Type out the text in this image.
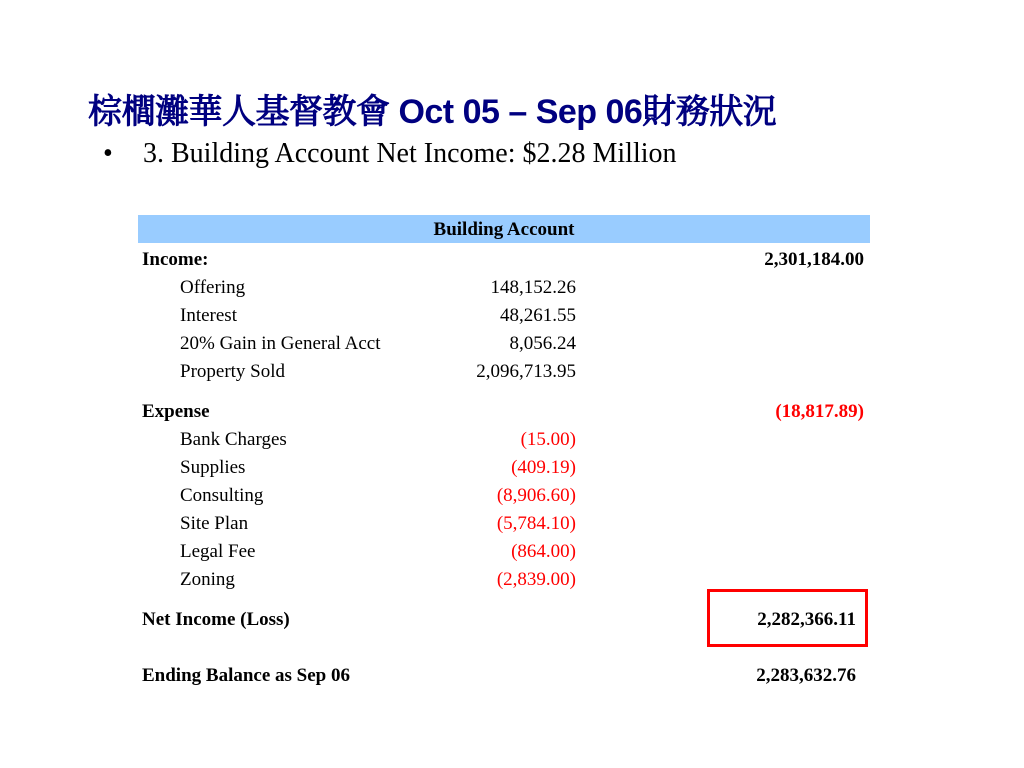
棕櫚灘華人基督教會 Oct 05 – Sep 06財務狀況
• 3. Building Account Net Income: $2.28 Million
Building Account
Income:	2,301,184.00
Offering	148,152.26
Interest	48,261.55
20% Gain in General Acct	8,056.24
Property Sold	2,096,713.95
Expense	(18,817.89)
Bank Charges	(15.00)
Supplies	(409.19)
Consulting	(8,906.60)
Site Plan	(5,784.10)
Legal Fee	(864.00)
Zoning	(2,839.00)
Net Income (Loss)	2,282,366.11
Ending Balance as Sep 06	2,283,632.76
